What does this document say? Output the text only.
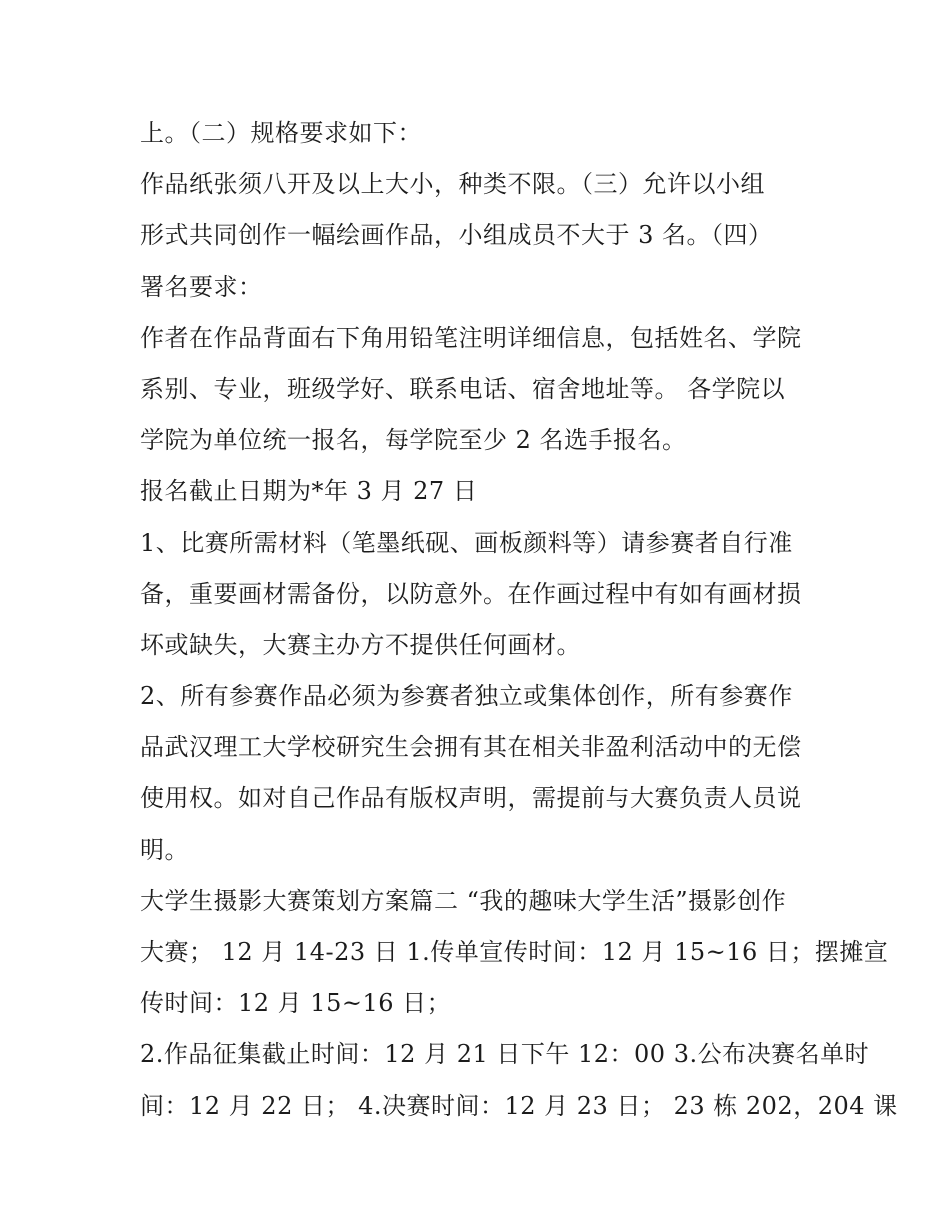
上。（二）规格要求如下：
作品纸张须八开及以上大小，种类不限。（三）允许以小组
形式共同创作一幅绘画作品，小组成员不大于 3 名。（四）
署名要求：
作者在作品背面右下角用铅笔注明详细信息，包括姓名、学院
系别、专业，班级学好、联系电话、宿舍地址等。 各学院以
学院为单位统一报名，每学院至少 2 名选手报名。
报名截止日期为*年 3 月 27 日
1、比赛所需材料（笔墨纸砚、画板颜料等）请参赛者自行准
备，重要画材需备份，以防意外。在作画过程中有如有画材损
坏或缺失，大赛主办方不提供任何画材。
2、所有参赛作品必须为参赛者独立或集体创作，所有参赛作
品武汉理工大学校研究生会拥有其在相关非盈利活动中的无偿
使用权。如对自己作品有版权声明，需提前与大赛负责人员说
明。
大学生摄影大赛策划方案篇二 “我的趣味大学生活”摄影创作
大赛； 12 月 14-23 日 1.传单宣传时间：12 月 15~16 日；摆摊宣
传时间：12 月 15~16 日；
2.作品征集截止时间：12 月 21 日下午 12：00 3.公布决赛名单时
间：12 月 22 日； 4.决赛时间：12 月 23 日； 23 栋 202，204 课
